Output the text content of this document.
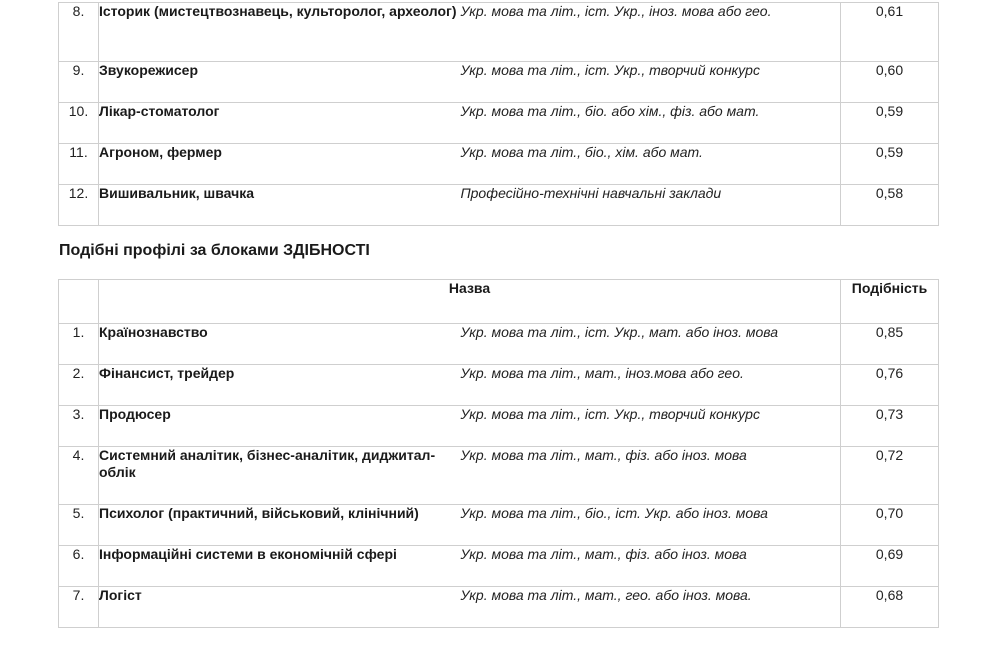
8.	Історик (мистецтвознавець, культоролог, археолог)	Укр. мова та літ., іст. Укр., іноз. мова або гео.	0,61
9.	Звукорежисер	Укр. мова та літ., іст. Укр., творчий конкурс	0,60
10.	Лікар-стоматолог	Укр. мова та літ., біо. або хім., фіз. або мат.	0,59
11.	Агроном, фермер	Укр. мова та літ., біо., хім. або мат.	0,59
12.	Вишивальник, швачка	Професійно-технічні навчальні заклади	0,58
Подібні профілі за блоками ЗДІБНОСТІ
	Назва		Подібність
1.	Країнознавство	Укр. мова та літ., іст. Укр., мат. або іноз. мова	0,85
2.	Фінансист, трейдер	Укр. мова та літ., мат., іноз.мова або гео.	0,76
3.	Продюсер	Укр. мова та літ., іст. Укр., творчий конкурс	0,73
4.	Системний аналітик, бізнес-аналітик, диджитал-облік	Укр. мова та літ., мат., фіз. або іноз. мова	0,72
5.	Психолог (практичний, військовий, клінічний)	Укр. мова та літ., біо., іст. Укр. або іноз. мова	0,70
6.	Інформаційні системи в економічній сфері	Укр. мова та літ., мат., фіз. або іноз. мова	0,69
7.	Логіст	Укр. мова та літ., мат., гео. або іноз. мова.	0,68
